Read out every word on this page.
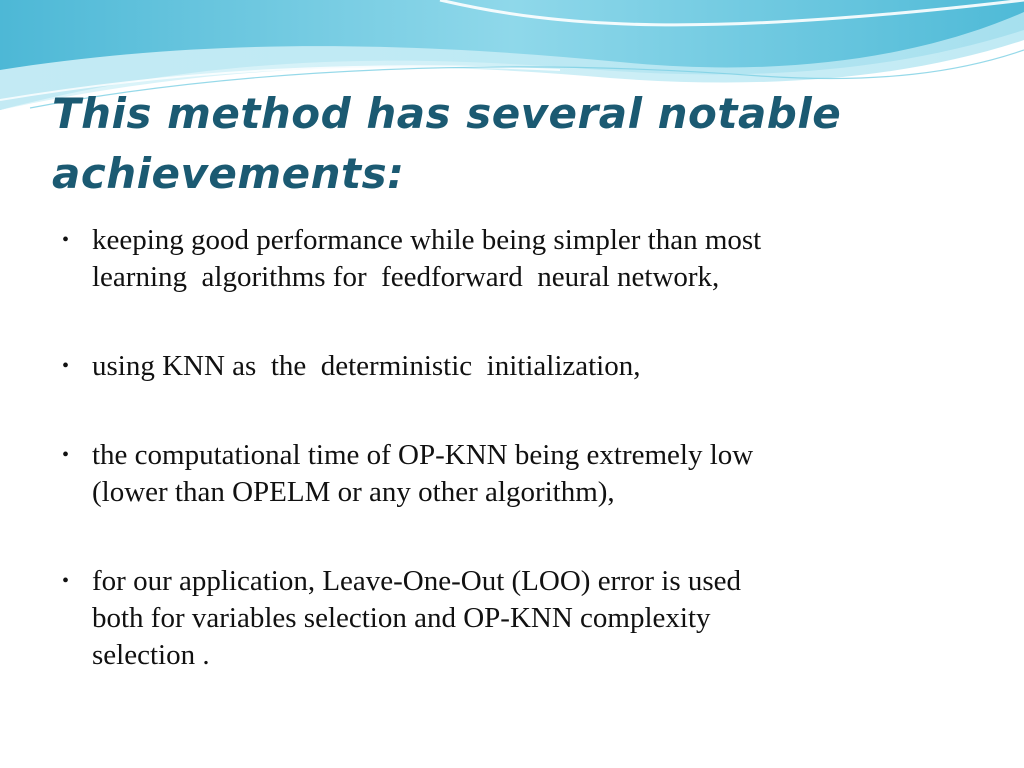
This method has several notable
achievements:
• keeping good performance while being simpler than most
learning  algorithms for  feedforward  neural network,
• using KNN as  the  deterministic  initialization,
• the computational time of OP-KNN being extremely low
(lower than OPELM or any other algorithm),
• for our application, Leave-One-Out (LOO) error is used
both for variables selection and OP-KNN complexity
selection .
